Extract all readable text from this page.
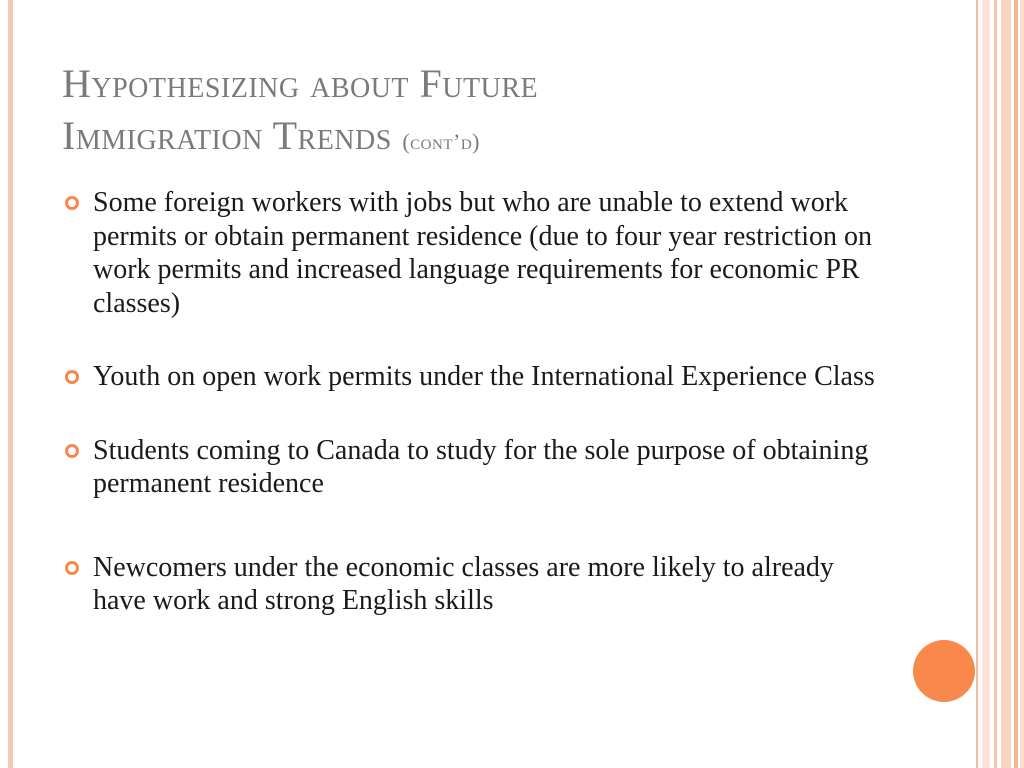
Hypothesizing about Future
Immigration Trends (cont’d)
Some foreign workers with jobs but who are unable to extend work permits or obtain permanent residence (due to four year restriction on work permits and increased language requirements for economic PR classes)
Youth on open work permits under the International Experience Class
Students coming to Canada to study for the sole purpose of obtaining permanent residence
Newcomers under the economic classes are more likely to already have work and strong English skills
